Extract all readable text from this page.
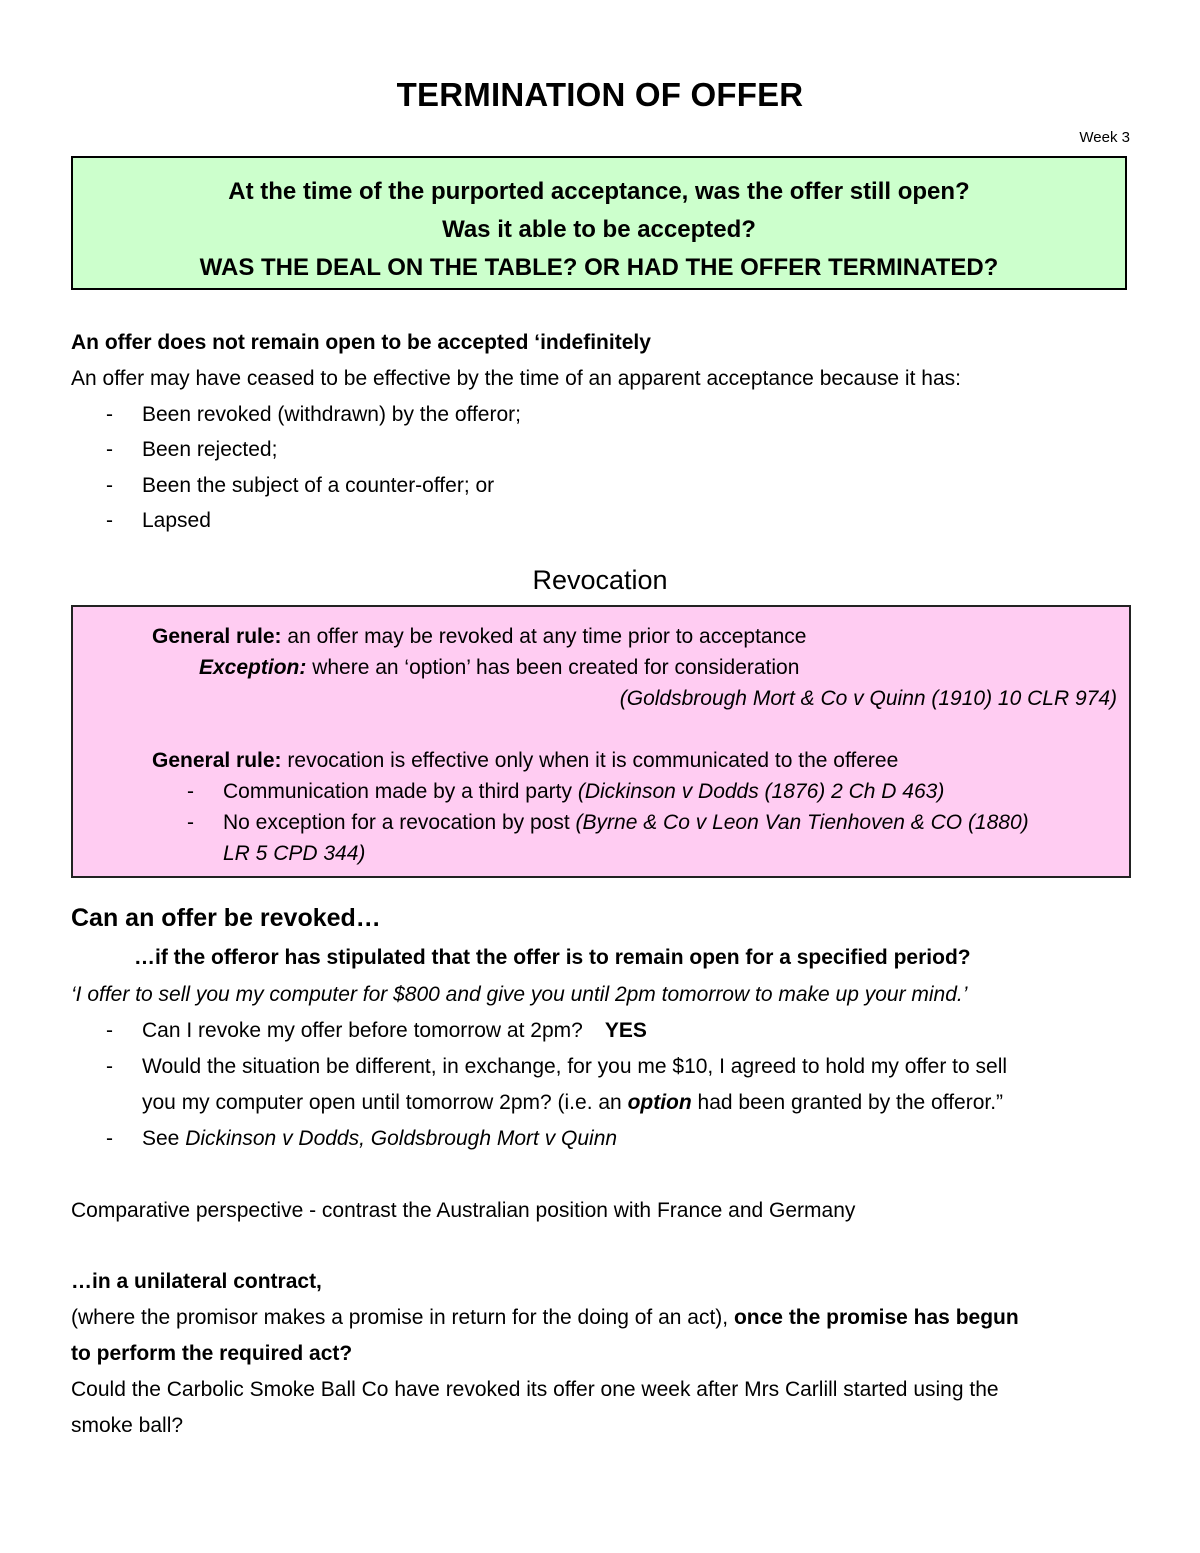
TERMINATION OF OFFER
Week 3
At the time of the purported acceptance, was the offer still open?
Was it able to be accepted?
WAS THE DEAL ON THE TABLE? OR HAD THE OFFER TERMINATED?
An offer does not remain open to be accepted ‘indefinitely
An offer may have ceased to be effective by the time of an apparent acceptance because it has:
- Been revoked (withdrawn) by the offeror;
- Been rejected;
- Been the subject of a counter-offer; or
- Lapsed
Revocation
General rule: an offer may be revoked at any time prior to acceptance
Exception: where an ‘option’ has been created for consideration
(Goldsbrough Mort & Co v Quinn (1910) 10 CLR 974)
General rule: revocation is effective only when it is communicated to the offeree
- Communication made by a third party (Dickinson v Dodds (1876) 2 Ch D 463)
- No exception for a revocation by post (Byrne & Co v Leon Van Tienhoven & CO (1880)
LR 5 CPD 344)
Can an offer be revoked…
…if the offeror has stipulated that the offer is to remain open for a specified period?
‘I offer to sell you my computer for $800 and give you until 2pm tomorrow to make up your mind.’
- Can I revoke my offer before tomorrow at 2pm? YES
- Would the situation be different, in exchange, for you me $10, I agreed to hold my offer to sell
you my computer open until tomorrow 2pm? (i.e. an option had been granted by the offeror.”
- See Dickinson v Dodds, Goldsbrough Mort v Quinn
Comparative perspective - contrast the Australian position with France and Germany
…in a unilateral contract,
(where the promisor makes a promise in return for the doing of an act), once the promise has begun
to perform the required act?
Could the Carbolic Smoke Ball Co have revoked its offer one week after Mrs Carlill started using the
smoke ball?
